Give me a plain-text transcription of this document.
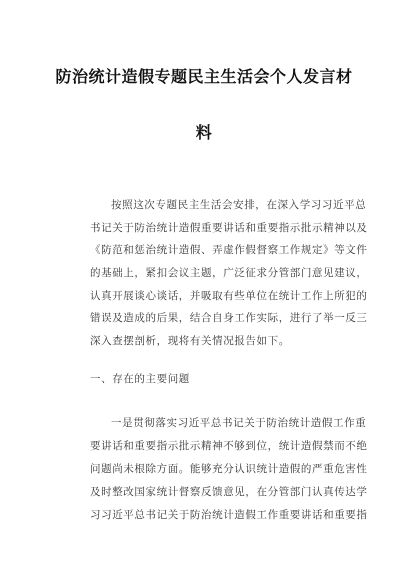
防治统计造假专题民主生活会个人发言材
料
按照这次专题民主生活会安排，在深入学习习近平总
书记关于防治统计造假重要讲话和重要指示批示精神以及
《防范和惩治统计造假、弄虚作假督察工作规定》等文件
的基础上，紧扣会议主题，广泛征求分管部门意见建议，
认真开展谈心谈话，并吸取有些单位在统计工作上所犯的
错误及造成的后果，结合自身工作实际，进行了举一反三
深入查摆剖析，现将有关情况报告如下。
一、存在的主要问题
一是贯彻落实习近平总书记关于防治统计造假工作重
要讲话和重要指示批示精神不够到位，统计造假禁而不绝
问题尚未根除方面。能够充分认识统计造假的严重危害性
及时整改国家统计督察反馈意见，在分管部门认真传达学
习习近平总书记关于防治统计造假工作重要讲话和重要指
